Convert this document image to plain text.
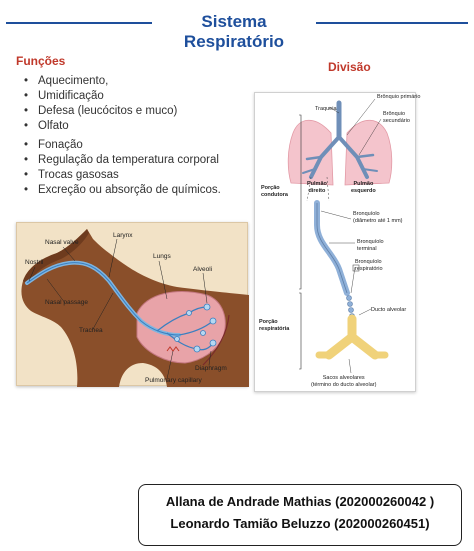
Sistema Respiratório
Funções
• Aquecimento,
• Umidificação
• Defesa (leucócitos e muco)
• Olfato
• Fonação
• Regulação da temperatura corporal
• Trocas gasosas
• Excreção ou absorção de químicos.
Nasal valve
Larynx
Nostril
Lungs
Alveoli
Nasal passage
Trachea
Diaphragm
Pulmonary capillary
Divisão
Traqueia
Brônquio primário
Brônquio
secundário
Pulmão
direito
Pulmão
esquerdo
Porção
condutora
Bronquíolo
(diâmetro até 1 mm)
Bronquíolo
terminal
Bronquíolo
respiratório
Porção
respiratória
Ducto alveolar
Sacos alveolares
(término do ducto alveolar)
Allana de Andrade Mathias (202000260042 )
Leonardo Tamião Beluzzo (202000260451)
